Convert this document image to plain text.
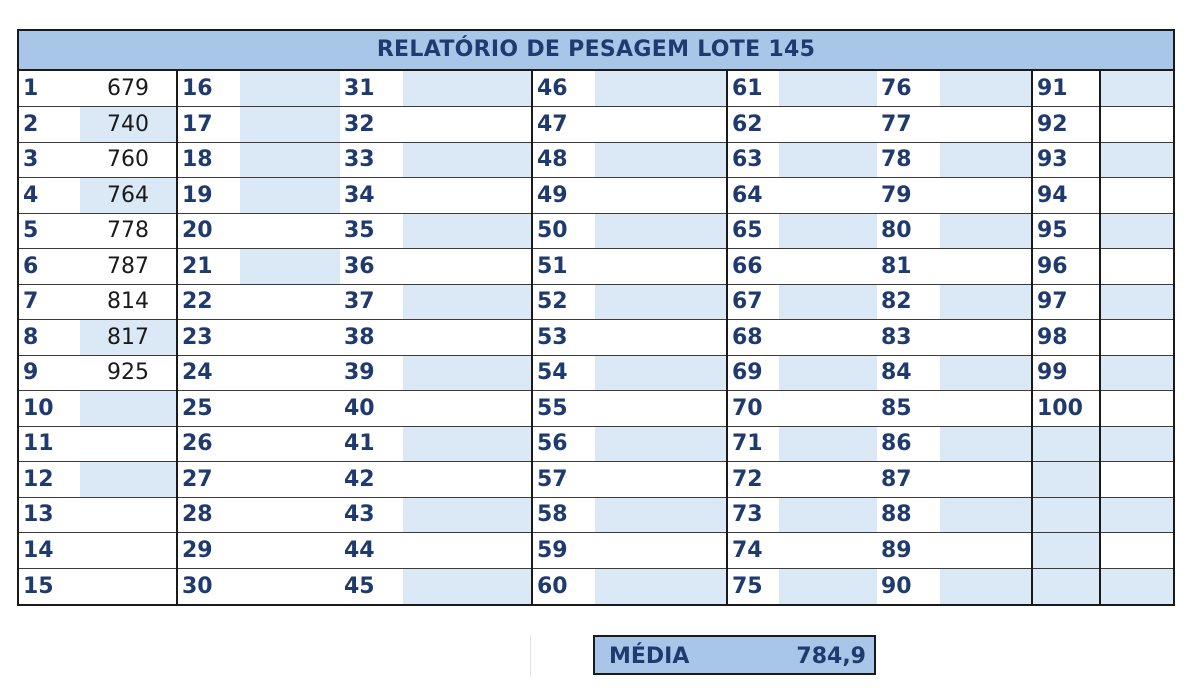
RELATÓRIO DE PESAGEM LOTE 145
1	679	16		31		46		61		76		91	
2	740	17		32		47		62		77		92	
3	760	18		33		48		63		78		93	
4	764	19		34		49		64		79		94	
5	778	20		35		50		65		80		95	
6	787	21		36		51		66		81		96	
7	814	22		37		52		67		82		97	
8	817	23		38		53		68		83		98	
9	925	24		39		54		69		84		99	
10		25		40		55		70		85		100	
11		26		41		56		71		86			
12		27		42		57		72		87			
13		28		43		58		73		88			
14		29		44		59		74		89			
15		30		45		60		75		90			
MÉDIA	784,9
